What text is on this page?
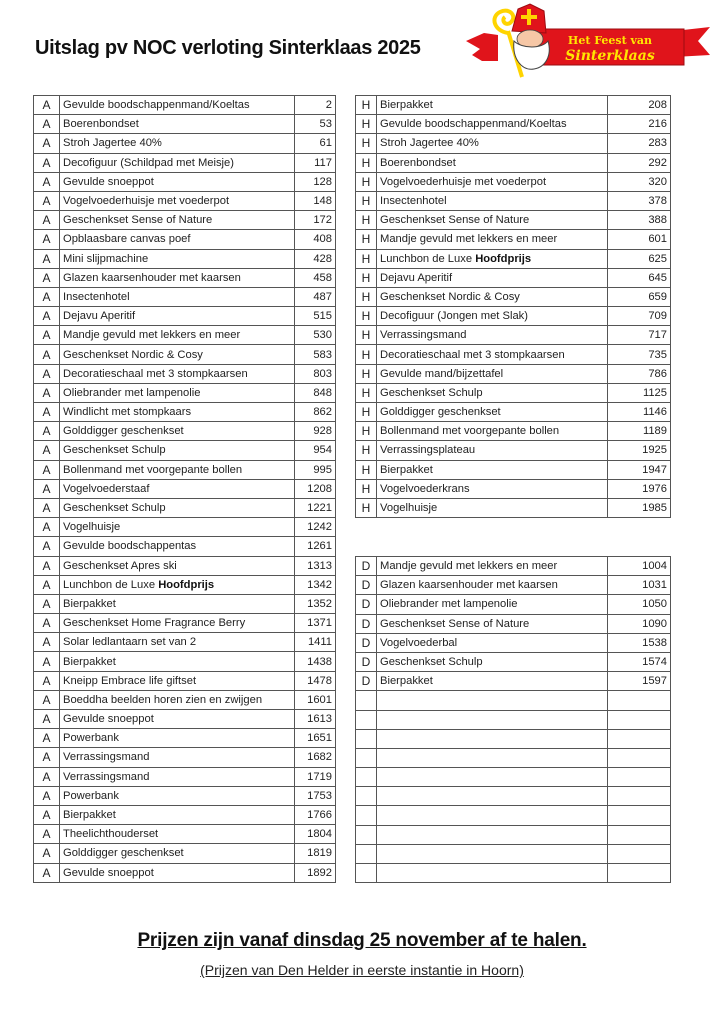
Uitslag pv NOC verloting Sinterklaas 2025	Het Feest van
Sinterklaas
A	Gevulde boodschappenmand/Koeltas	2
A	Boerenbondset	53
A	Stroh Jagertee 40%	61
A	Decofiguur (Schildpad met Meisje)	117
A	Gevulde snoeppot	128
A	Vogelvoederhuisje met voederpot	148
A	Geschenkset Sense of Nature	172
A	Opblaasbare canvas poef	408
A	Mini slijpmachine	428
A	Glazen kaarsenhouder met kaarsen	458
A	Insectenhotel	487
A	Dejavu Aperitif	515
A	Mandje gevuld met lekkers en meer	530
A	Geschenkset Nordic & Cosy	583
A	Decoratieschaal met 3 stompkaarsen	803
A	Oliebrander met lampenolie	848
A	Windlicht met stompkaars	862
A	Golddigger geschenkset	928
A	Geschenkset Schulp	954
A	Bollenmand met voorgepante bollen	995
A	Vogelvoederstaaf	1208
A	Geschenkset Schulp	1221
A	Vogelhuisje	1242
A	Gevulde boodschappentas	1261
A	Geschenkset Apres ski	1313
A	Lunchbon de Luxe Hoofdprijs	1342
A	Bierpakket	1352
A	Geschenkset Home Fragrance Berry	1371
A	Solar ledlantaarn set van 2	1411
A	Bierpakket	1438
A	Kneipp Embrace life giftset	1478
A	Boeddha beelden horen zien en zwijgen	1601
A	Gevulde snoeppot	1613
A	Powerbank	1651
A	Verrassingsmand	1682
A	Verrassingsmand	1719
A	Powerbank	1753
A	Bierpakket	1766
A	Theelichthouderset	1804
A	Golddigger geschenkset	1819
A	Gevulde snoeppot	1892
H	Bierpakket	208
H	Gevulde boodschappenmand/Koeltas	216
H	Stroh Jagertee 40%	283
H	Boerenbondset	292
H	Vogelvoederhuisje met voederpot	320
H	Insectenhotel	378
H	Geschenkset Sense of Nature	388
H	Mandje gevuld met lekkers en meer	601
H	Lunchbon de Luxe Hoofdprijs	625
H	Dejavu Aperitif	645
H	Geschenkset Nordic & Cosy	659
H	Decofiguur (Jongen met Slak)	709
H	Verrassingsmand	717
H	Decoratieschaal met 3 stompkaarsen	735
H	Gevulde mand/bijzettafel	786
H	Geschenkset Schulp	1125
H	Golddigger geschenkset	1146
H	Bollenmand met voorgepante bollen	1189
H	Verrassingsplateau	1925
H	Bierpakket	1947
H	Vogelvoederkrans	1976
H	Vogelhuisje	1985
D	Mandje gevuld met lekkers en meer	1004
D	Glazen kaarsenhouder met kaarsen	1031
D	Oliebrander met lampenolie	1050
D	Geschenkset Sense of Nature	1090
D	Vogelvoederbal	1538
D	Geschenkset Schulp	1574
D	Bierpakket	1597

Prijzen zijn vanaf dinsdag 25 november af te halen.
(Prijzen van Den Helder in eerste instantie in Hoorn)
